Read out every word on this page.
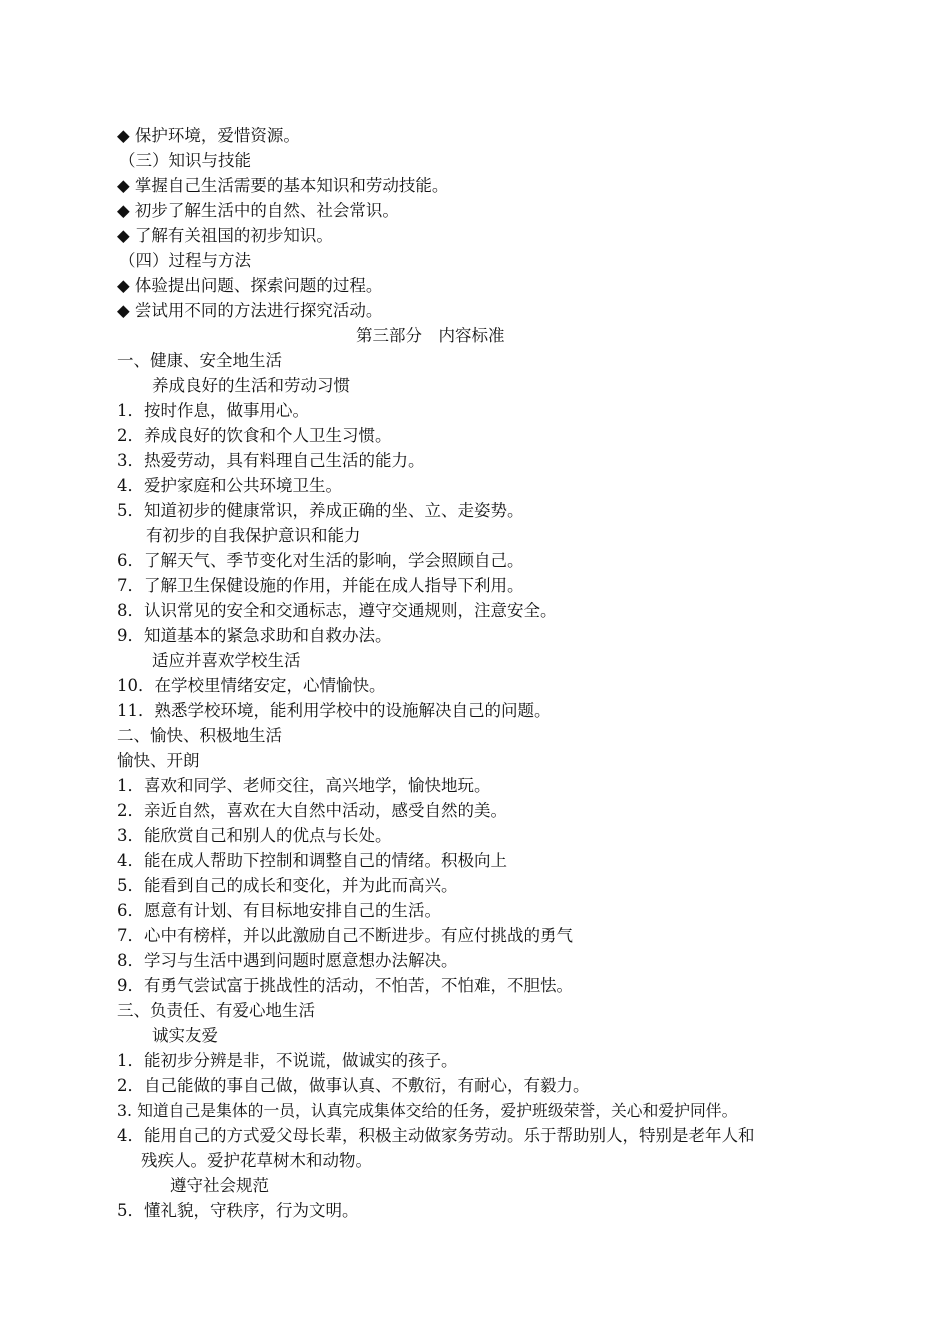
◆ 保护环境，爱惜资源。
（三）知识与技能
◆ 掌握自己生活需要的基本知识和劳动技能。
◆ 初步了解生活中的自然、社会常识。
◆ 了解有关祖国的初步知识。
（四）过程与方法
◆ 体验提出问题、探索问题的过程。
◆ 尝试用不同的方法进行探究活动。
第三部分　内容标准
一、健康、安全地生活
养成良好的生活和劳动习惯
1．按时作息，做事用心。
2．养成良好的饮食和个人卫生习惯。
3．热爱劳动，具有料理自己生活的能力。
4．爱护家庭和公共环境卫生。
5．知道初步的健康常识，养成正确的坐、立、走姿势。
有初步的自我保护意识和能力
6．了解天气、季节变化对生活的影响，学会照顾自己。
7．了解卫生保健设施的作用，并能在成人指导下利用。
8．认识常见的安全和交通标志，遵守交通规则，注意安全。
9．知道基本的紧急求助和自救办法。
适应并喜欢学校生活
10．在学校里情绪安定，心情愉快。
11．熟悉学校环境，能利用学校中的设施解决自己的问题。
二、愉快、积极地生活
愉快、开朗
1．喜欢和同学、老师交往，高兴地学，愉快地玩。
2．亲近自然，喜欢在大自然中活动，感受自然的美。
3．能欣赏自己和别人的优点与长处。
4．能在成人帮助下控制和调整自己的情绪。积极向上
5．能看到自己的成长和变化，并为此而高兴。
6．愿意有计划、有目标地安排自己的生活。
7．心中有榜样，并以此激励自己不断进步。有应付挑战的勇气
8．学习与生活中遇到问题时愿意想办法解决。
9．有勇气尝试富于挑战性的活动，不怕苦，不怕难，不胆怯。
三、负责任、有爱心地生活
诚实友爱
1．能初步分辨是非，不说谎，做诚实的孩子。
2．自己能做的事自己做，做事认真、不敷衍，有耐心，有毅力。
3. 知道自己是集体的一员，认真完成集体交给的任务，爱护班级荣誉，关心和爱护同伴。
4．能用自己的方式爱父母长辈，积极主动做家务劳动。乐于帮助别人，特别是老年人和
残疾人。爱护花草树木和动物。
遵守社会规范
5．懂礼貌，守秩序，行为文明。
